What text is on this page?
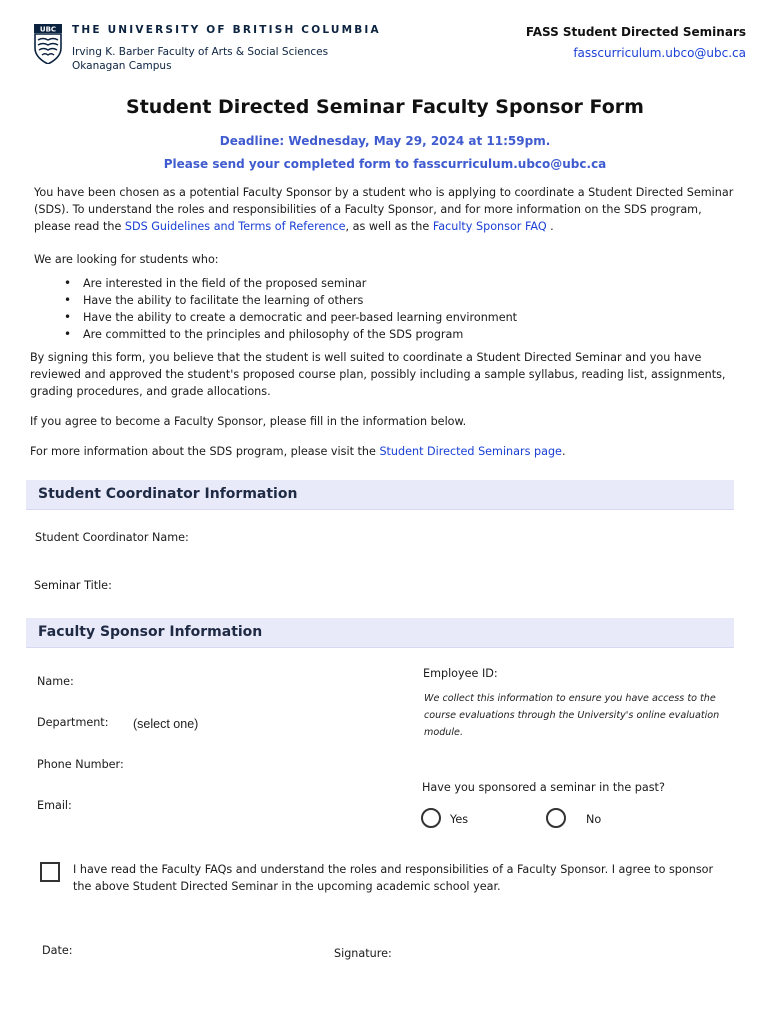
UBC THE UNIVERSITY OF BRITISH COLUMBIA
Irving K. Barber Faculty of Arts & Social Sciences
Okanagan Campus
FASS Student Directed Seminars
fasscurriculum.ubco@ubc.ca
Student Directed Seminar Faculty Sponsor Form
Deadline: Wednesday, May 29, 2024 at 11:59pm.
Please send your completed form to fasscurriculum.ubco@ubc.ca
You have been chosen as a potential Faculty Sponsor by a student who is applying to coordinate a Student Directed Seminar (SDS). To understand the roles and responsibilities of a Faculty Sponsor, and for more information on the SDS program, please read the SDS Guidelines and Terms of Reference, as well as the Faculty Sponsor FAQ .
We are looking for students who:
• Are interested in the field of the proposed seminar
• Have the ability to facilitate the learning of others
• Have the ability to create a democratic and peer-based learning environment
• Are committed to the principles and philosophy of the SDS program
By signing this form, you believe that the student is well suited to coordinate a Student Directed Seminar and you have reviewed and approved the student's proposed course plan, possibly including a sample syllabus, reading list, assignments, grading procedures, and grade allocations.
If you agree to become a Faculty Sponsor, please fill in the information below.
For more information about the SDS program, please visit the Student Directed Seminars page.
Student Coordinator Information
Student Coordinator Name:
Seminar Title:
Faculty Sponsor Information
Name:
Employee ID:
We collect this information to ensure you have access to the course evaluations through the University's online evaluation module.
Department: (select one)
Phone Number:
Have you sponsored a seminar in the past?
Email:
Yes	No
I have read the Faculty FAQs and understand the roles and responsibilities of a Faculty Sponsor. I agree to sponsor the above Student Directed Seminar in the upcoming academic school year.
Date:	Signature:
